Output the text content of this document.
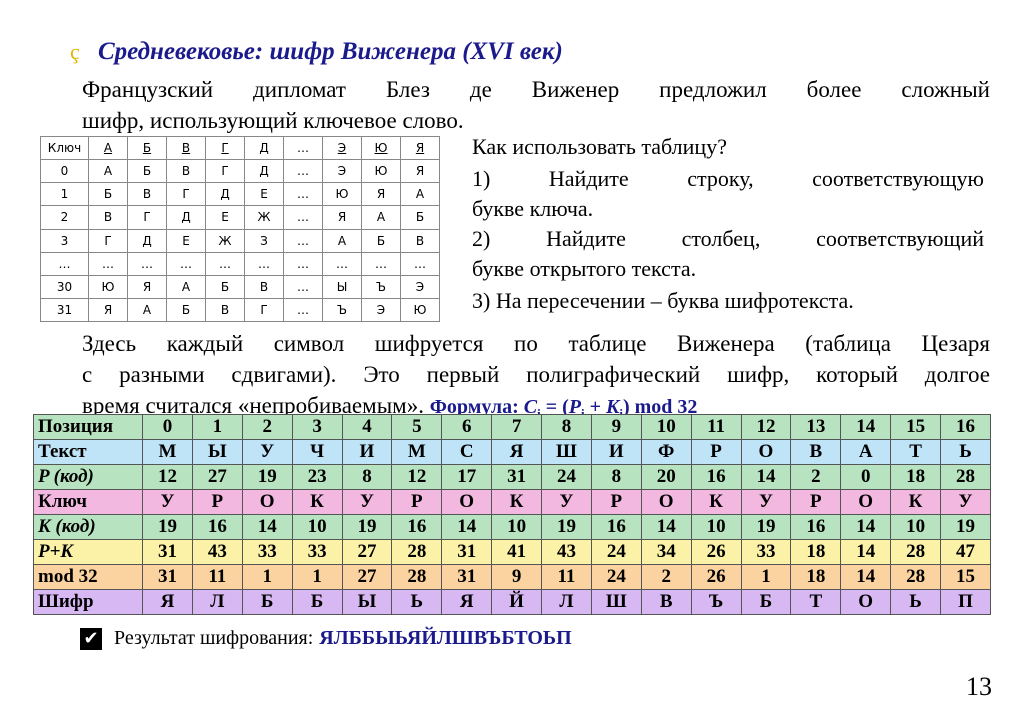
ç Средневековье: шифр Виженера (XVI век)
Французский дипломат Блез де Виженер предложил более сложный
шифр, использующий ключевое слово.
Ключ	А	Б	В	Г	Д	…	Э	Ю	Я
0	А	Б	В	Г	Д	…	Э	Ю	Я
1	Б	В	Г	Д	Е	…	Ю	Я	А
2	В	Г	Д	Е	Ж	…	Я	А	Б
3	Г	Д	Е	Ж	З	…	А	Б	В
…	…	…	…	…	…	…	…	…	…
30	Ю	Я	А	Б	В	…	Ы	Ъ	Э
31	Я	А	Б	В	Г	…	Ъ	Э	Ю
Как использовать таблицу?
1) Найдите строку, соответствующую
букве ключа.
2) Найдите столбец, соответствующий
букве открытого текста.
3) На пересечении – буква шифротекста.
Здесь каждый символ шифруется по таблице Виженера (таблица Цезаря
с разными сдвигами). Это первый полиграфический шифр, который долгое
время считался «непробиваемым». Формула: $C_i = (P_i + K_i)$ mod 32
Позиция	0	1	2	3	4	5	6	7	8	9	10	11	12	13	14	15	16
Текст	М	Ы	У	Ч	И	М	С	Я	Ш	И	Ф	Р	О	В	А	Т	Ь
P (код)	12	27	19	23	8	12	17	31	24	8	20	16	14	2	0	18	28
Ключ	У	Р	О	К	У	Р	О	К	У	Р	О	К	У	Р	О	К	У
K (код)	19	16	14	10	19	16	14	10	19	16	14	10	19	16	14	10	19
P+K	31	43	33	33	27	28	31	41	43	24	34	26	33	18	14	28	47
mod 32	31	11	1	1	27	28	31	9	11	24	2	26	1	18	14	28	15
Шифр	Я	Л	Б	Б	Ы	Ь	Я	Й	Л	Ш	В	Ъ	Б	Т	О	Ь	П
✔ Результат шифрования: ЯЛББЫЬЯЙЛШВЪБТОЬП
13
